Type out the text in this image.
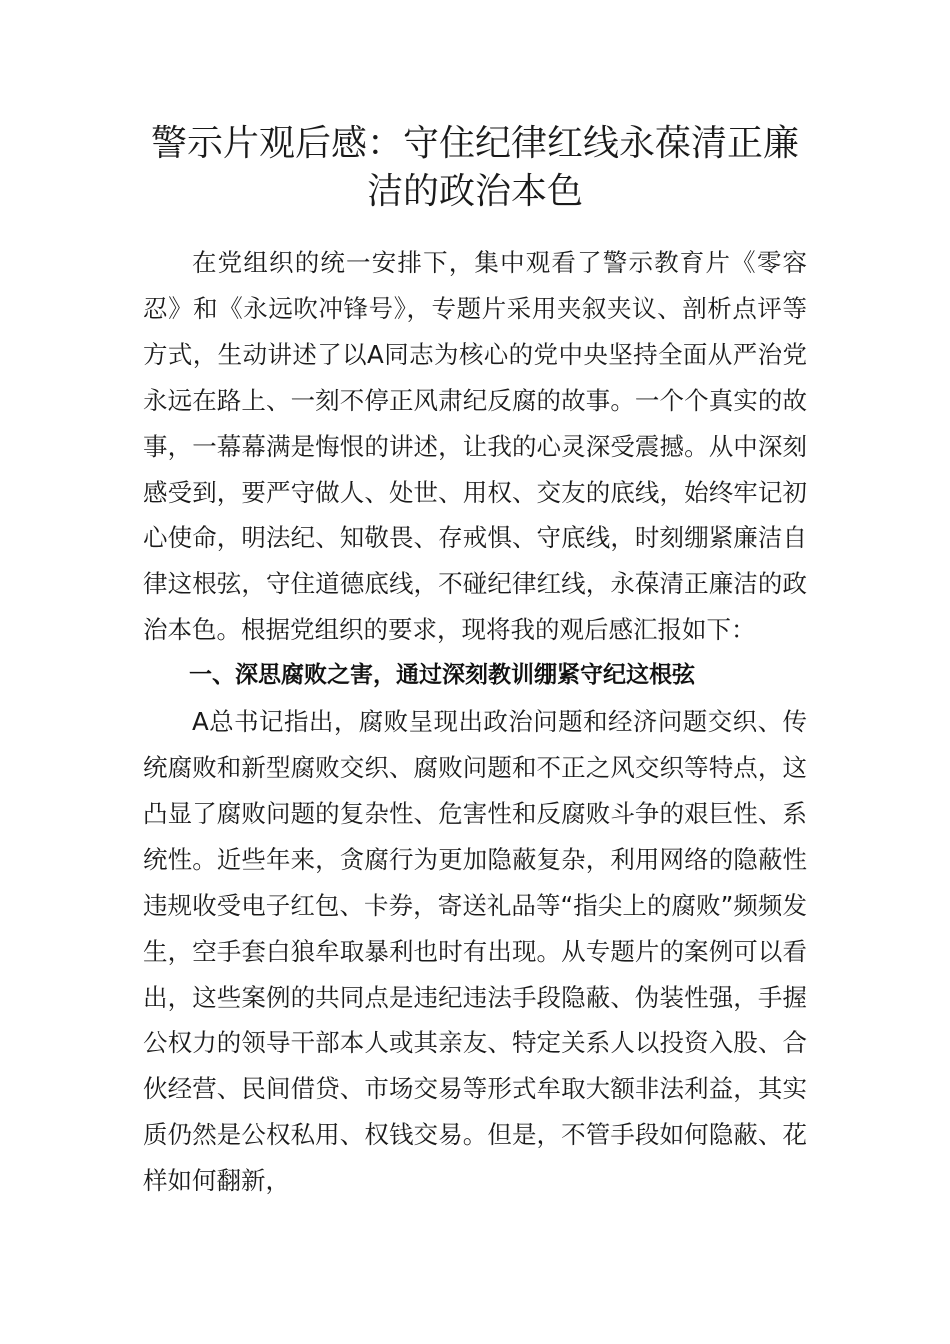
警示片观后感：守住纪律红线永葆清正廉洁的政治本色

在党组织的统一安排下，集中观看了警示教育片《零容忍》和《永远吹冲锋号》，专题片采用夹叙夹议、剖析点评等方式，生动讲述了以A同志为核心的党中央坚持全面从严治党永远在路上、一刻不停正风肃纪反腐的故事。一个个真实的故事，一幕幕满是悔恨的讲述，让我的心灵深受震撼。从中深刻感受到，要严守做人、处世、用权、交友的底线，始终牢记初心使命，明法纪、知敬畏、存戒惧、守底线，时刻绷紧廉洁自律这根弦，守住道德底线，不碰纪律红线，永葆清正廉洁的政治本色。根据党组织的要求，现将我的观后感汇报如下：

一、深思腐败之害，通过深刻教训绷紧守纪这根弦

A总书记指出，腐败呈现出政治问题和经济问题交织、传统腐败和新型腐败交织、腐败问题和不正之风交织等特点，这凸显了腐败问题的复杂性、危害性和反腐败斗争的艰巨性、系统性。近些年来，贪腐行为更加隐蔽复杂，利用网络的隐蔽性违规收受电子红包、卡券，寄送礼品等“指尖上的腐败”频频发生，空手套白狼牟取暴利也时有出现。从专题片的案例可以看出，这些案例的共同点是违纪违法手段隐蔽、伪装性强，手握公权力的领导干部本人或其亲友、特定关系人以投资入股、合伙经营、民间借贷、市场交易等形式牟取大额非法利益，其实质仍然是公权私用、权钱交易。但是，不管手段如何隐蔽、花样如何翻新，
